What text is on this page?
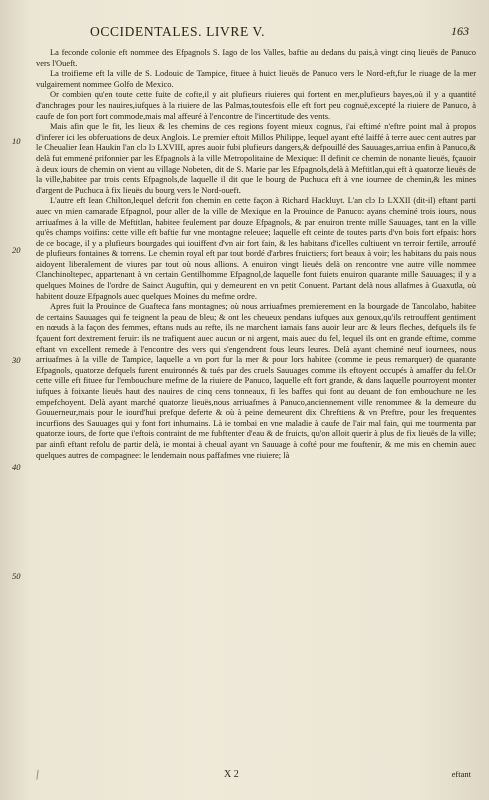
OCCIDENTALES. LIVRE V.	163
10
20
30
40
50

La feconde colonie eft nommee des Efpagnols S. Iago de los Valles, baftie au dedans du pais,à vingt cinq lieuës de Panuco vers l'Oueft.

La troifieme eft la ville de S. Lodouic de Tampice, fituee à huict lieuës de Panuco vers le Nord-eft,fur le riuage de la mer vulgairement nommee Golfo de Mexico.

Or combien qu'en toute cette fuite de cofte,il y ait plufieurs riuieres qui fortent en mer,plufieurs bayes,où il y a quantité d'anchrages pour les nauires,iufques à la riuiere de las Palmas,toutesfois elle eft fort peu cognuë,excepté la riuiere de Panuco, à caufe de fon port fort commode,mais mal affeuré à l'encontre de l'incertitude des vents.

Mais afin que le fit, les lieux & les chemins de ces regions foyent mieux cognus, i'ai eftimé n'eftre point mal à propos d'inferer ici les obferuations de deux Anglois. Le premier eftoit Millos Philippe, lequel ayant efté laiffé à terre auec cent autres par le Cheualier Iean Haukin l'an clɔ Iɔ LXVIII, apres auoir fubi plufieurs dangers,& defpouillé des Sauuages,arriua enfin à Panuco,& delà fut emmené prifonnier par les Efpagnols à la ville Metropolitaine de Mexique: Il definit ce chemin de nonante lieuës, fçauoir à deux iours de chemin on vient au village Nobeten, dit de S. Marie par les Efpagnols,delà à Meftitlan,qui eft à quatorze lieuës de la ville,habitee par trois cents Efpagnols,de laquelle il dit que le bourg de Puchuca eft à vne iournee de chemin,& les mines d'argent de Puchuca à fix lieuës du bourg vers le Nord-oueft.

L'autre eft Iean Chilton,lequel defcrit fon chemin en cette façon à Richard Hackluyt. L'an clɔ Iɔ LXXII (dit-il) eftant parti auec vn mien camarade Efpagnol, pour aller de la ville de Mexique en la Prouince de Panuco: ayans cheminé trois iours, nous arriuafmes à la ville de Meftitlan, habitee feulement par douze Efpagnols, & par enuiron trente mille Sauuages, tant en la ville qu'ès champs voifins: cette ville eft baftie fur vne montagne releuee; laquelle eft ceinte de toutes parts d'vn bois fort efpais: hors de ce bocage, il y a plufieurs bourgades qui iouiffent d'vn air fort fain, & les habitans d'icelles cultiuent vn terroir fertile, arroufé de plufieurs fontaines & torrens. Le chemin royal eft par tout bordé d'arbres fruictiers; fort beaux à voir; les habitans du pais nous aidoyent liberalement de viures par tout où nous allions. A enuiron vingt lieuës delà on rencontre vne autre ville nommee Clanchinoltepec, appartenant à vn certain Gentilhomme Efpagnol,de laquelle font fuiets enuiron quarante mille Sauuages; il y a quelques Moines de l'ordre de Sainct Auguftin, qui y demeurent en vn petit Conuent. Partant delà nous allafmes à Guaxutla, où habitent douze Efpagnols auec quelques Moines du mefme ordre.

Apres fuit la Prouince de Guafteca fans montagnes; où nous arriuafmes premierement en la bourgade de Tancolabo, habitee de certains Sauuages qui fe teignent la peau de bleu; & ont les cheueux pendans iufques aux genoux,qu'ils retrouffent gentiment en nœuds à la façon des femmes, eftans nuds au refte, ils ne marchent iamais fans auoir leur arc & leurs fleches, defquels ils fe fçauent fort dextrement feruir: ils ne trafiquent auec aucun or ni argent, mais auec du fel, lequel ils ont en grande eftime, comme eftant vn excellent remede à l'encontre des vers qui s'engendrent fous leurs leures. Delà ayant cheminé neuf iournees, nous arriuafmes à la ville de Tampice, laquelle a vn port fur la mer & pour lors habitee (comme ie peus remarquer) de quarante Efpagnols, quatorze defquels furent enuironnés & tués par des cruels Sauuages comme ils eftoyent occupés à amaffer du fel.Or cette ville eft fituee fur l'embouchure mefme de la riuiere de Panuco, laquelle eft fort grande, & dans laquelle pourroyent monter iufques à foixante lieuës haut des nauires de cinq cens tonneaux, fi les baffes qui font au deuant de fon embouchure ne les empefchoyent. Delà ayant marché quatorze lieuës,nous arriuafmes à Panuco,anciennement ville renommee & la demeure du Gouuerneur,mais pour le iourd'hui prefque deferte & où à peine demeurent dix Chreftiens & vn Preftre, pour les frequentes incurfions des Sauuages qui y font fort inhumains. Là ie tombai en vne maladie à caufe de l'air mal fain, qui me tourmenta par quatorze iours, de forte que i'eftois contraint de me fubftenter d'eau & de fruicts, qu'on alloit querir à plus de fix lieuës de la ville; par ainfi eftant refolu de partir delà, ie montai à cheual ayant vn Sauuage à cofté pour me fouftenir, & me mis en chemin auec quelques autres de compagnee: le lendemain nous paffafmes vne riuiere; là

X 2	eftant
